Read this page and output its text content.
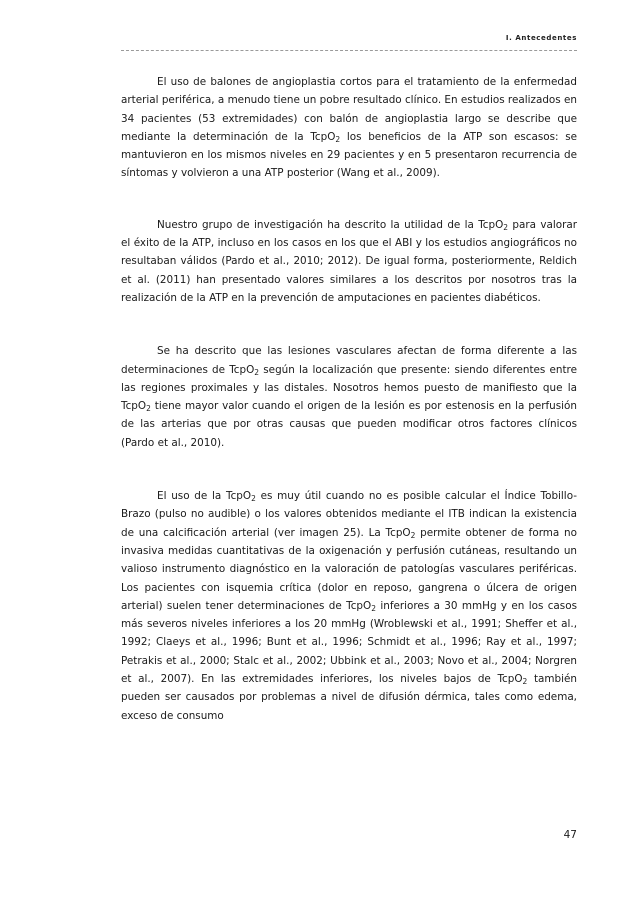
I. Antecedentes

El uso de balones de angioplastia cortos para el tratamiento de la enfermedad arterial periférica, a menudo tiene un pobre resultado clínico. En estudios realizados en 34 pacientes (53 extremidades) con balón de angioplastia largo se describe que mediante la determinación de la TcpO$_2$ los beneficios de la ATP son escasos: se mantuvieron en los mismos niveles en 29 pacientes y en 5 presentaron recurrencia de síntomas y volvieron a una ATP posterior (Wang et al., 2009).

Nuestro grupo de investigación ha descrito la utilidad de la TcpO$_2$ para valorar el éxito de la ATP, incluso en los casos en los que el ABI y los estudios angiográficos no resultaban válidos (Pardo et al., 2010; 2012). De igual forma, posteriormente, Reldich et al. (2011) han presentado valores similares a los descritos por nosotros tras la realización de la ATP en la prevención de amputaciones en pacientes diabéticos.

Se ha descrito que las lesiones vasculares afectan de forma diferente a las determinaciones de TcpO$_2$ según la localización que presente: siendo diferentes entre las regiones proximales y las distales. Nosotros hemos puesto de manifiesto que la TcpO$_2$ tiene mayor valor cuando el origen de la lesión es por estenosis en la perfusión de las arterias que por otras causas que pueden modificar otros factores clínicos (Pardo et al., 2010).

El uso de la TcpO$_2$ es muy útil cuando no es posible calcular el Índice Tobillo-Brazo (pulso no audible) o los valores obtenidos mediante el ITB indican la existencia de una calcificación arterial (ver imagen 25). La TcpO$_2$ permite obtener de forma no invasiva medidas cuantitativas de la oxigenación y perfusión cutáneas, resultando un valioso instrumento diagnóstico en la valoración de patologías vasculares periféricas. Los pacientes con isquemia crítica (dolor en reposo, gangrena o úlcera de origen arterial) suelen tener determinaciones de TcpO$_2$ inferiores a 30 mmHg y en los casos más severos niveles inferiores a los 20 mmHg (Wroblewski et al., 1991; Sheffer et al., 1992; Claeys et al., 1996; Bunt et al., 1996; Schmidt et al., 1996; Ray et al., 1997; Petrakis et al., 2000; Stalc et al., 2002; Ubbink et al., 2003; Novo et al., 2004; Norgren et al., 2007). En las extremidades inferiores, los niveles bajos de TcpO$_2$ también pueden ser causados por problemas a nivel de difusión dérmica, tales como edema, exceso de consumo

47
